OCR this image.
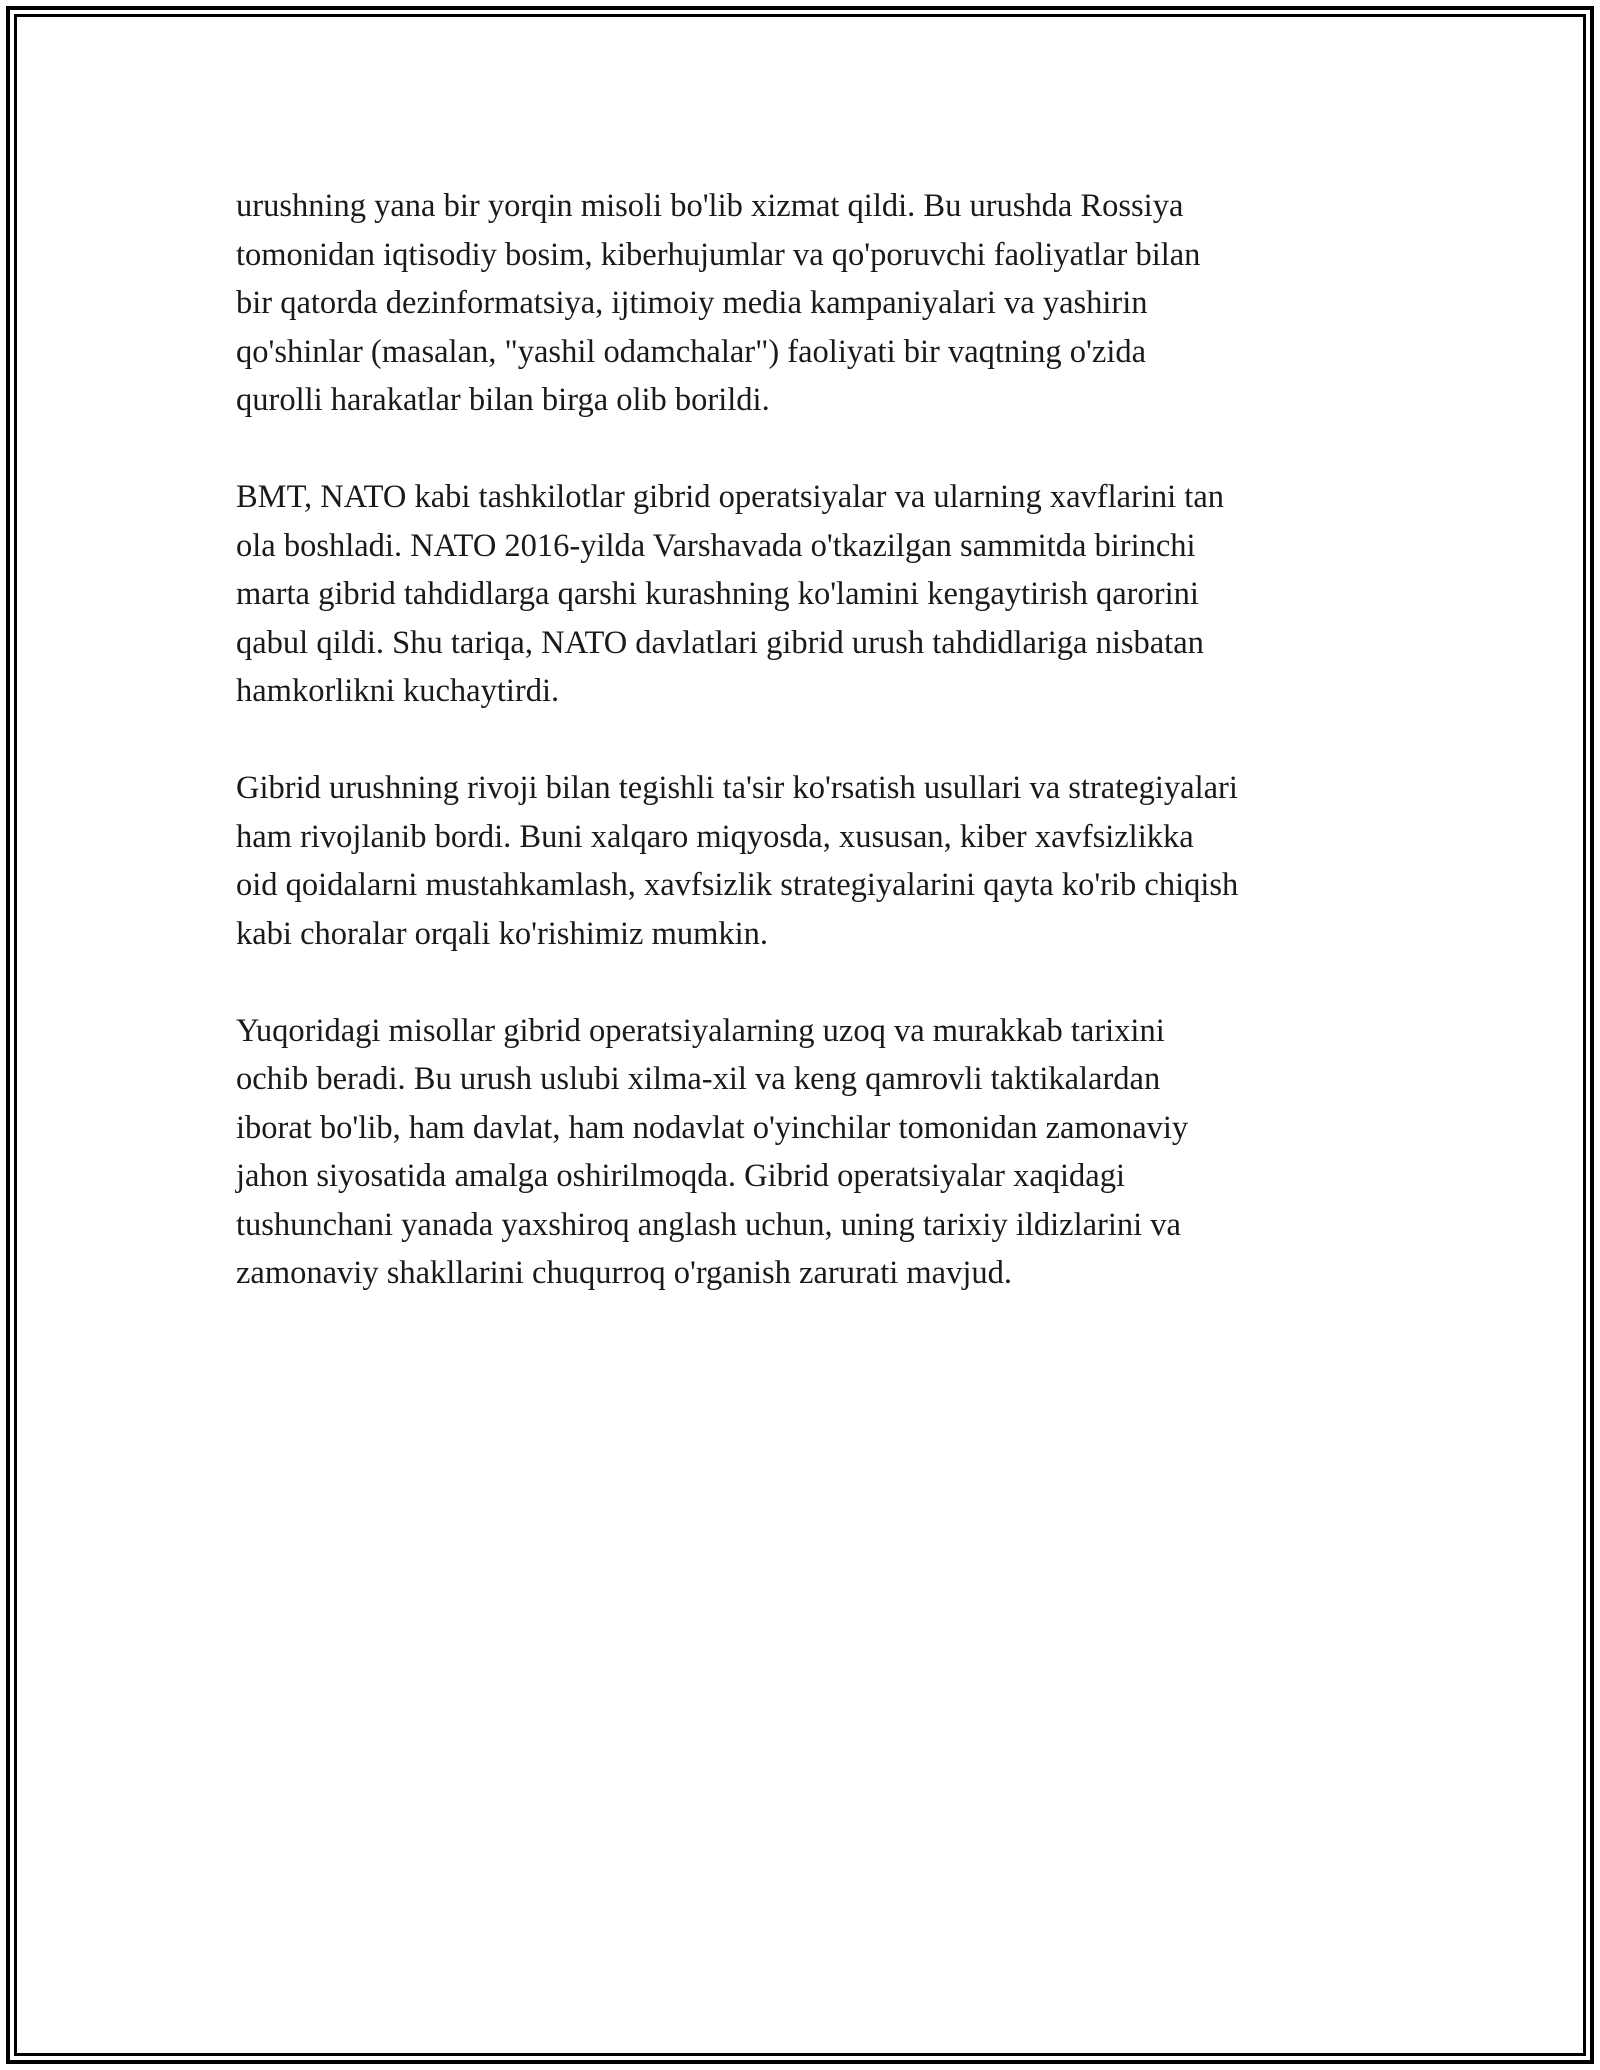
urushning yana bir yorqin misoli bo'lib xizmat qildi. Bu urushda Rossiya
tomonidan iqtisodiy bosim, kiberhujumlar va qo'poruvchi faoliyatlar bilan
bir qatorda dezinformatsiya, ijtimoiy media kampaniyalari va yashirin
qo'shinlar (masalan, "yashil odamchalar") faoliyati bir vaqtning o'zida
qurolli harakatlar bilan birga olib borildi.

BMT, NATO kabi tashkilotlar gibrid operatsiyalar va ularning xavflarini tan
ola boshladi. NATO 2016-yilda Varshavada o'tkazilgan sammitda birinchi
marta gibrid tahdidlarga qarshi kurashning ko'lamini kengaytirish qarorini
qabul qildi. Shu tariqa, NATO davlatlari gibrid urush tahdidlariga nisbatan
hamkorlikni kuchaytirdi.

Gibrid urushning rivoji bilan tegishli ta'sir ko'rsatish usullari va strategiyalari
ham rivojlanib bordi. Buni xalqaro miqyosda, xususan, kiber xavfsizlikka
oid qoidalarni mustahkamlash, xavfsizlik strategiyalarini qayta ko'rib chiqish
kabi choralar orqali ko'rishimiz mumkin.

Yuqoridagi misollar gibrid operatsiyalarning uzoq va murakkab tarixini
ochib beradi. Bu urush uslubi xilma-xil va keng qamrovli taktikalardan
iborat bo'lib, ham davlat, ham nodavlat o'yinchilar tomonidan zamonaviy
jahon siyosatida amalga oshirilmoqda. Gibrid operatsiyalar xaqidagi
tushunchani yanada yaxshiroq anglash uchun, uning tarixiy ildizlarini va
zamonaviy shakllarini chuqurroq o'rganish zarurati mavjud.
